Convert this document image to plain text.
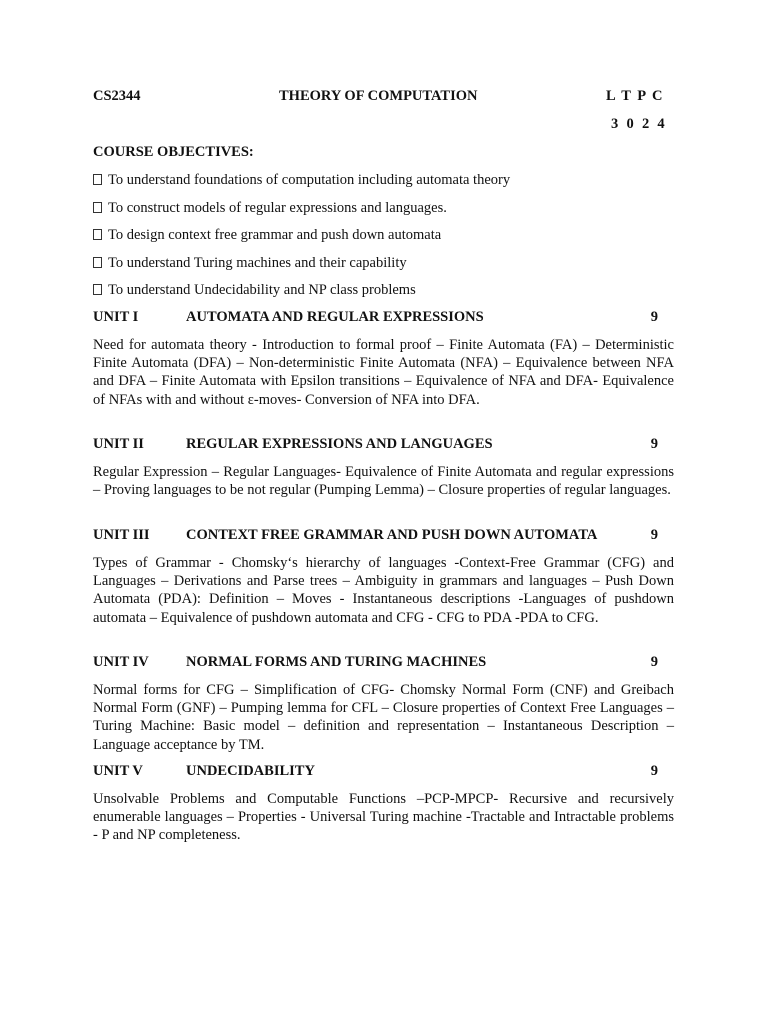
CS2344	THEORY OF COMPUTATION	L T P C
3 0 2 4
COURSE OBJECTIVES:
To understand foundations of computation including automata theory
To construct models of regular expressions and languages.
To design context free grammar and push down automata
To understand Turing machines and their capability
To understand Undecidability and NP class problems
UNIT I	AUTOMATA AND REGULAR EXPRESSIONS	9

Need for automata theory - Introduction to formal proof – Finite Automata (FA) – Deterministic Finite Automata (DFA) – Non-deterministic Finite Automata (NFA) – Equivalence between NFA and DFA – Finite Automata with Epsilon transitions – Equivalence of NFA and DFA- Equivalence of NFAs with and without ε-moves- Conversion of NFA into DFA.

UNIT II	REGULAR EXPRESSIONS AND LANGUAGES	9

Regular Expression – Regular Languages- Equivalence of Finite Automata and regular expressions – Proving languages to be not regular (Pumping Lemma) – Closure properties of regular languages.

UNIT III	CONTEXT FREE GRAMMAR AND PUSH DOWN AUTOMATA	9

Types of Grammar - Chomsky‘s hierarchy of languages -Context-Free Grammar (CFG) and Languages – Derivations and Parse trees – Ambiguity in grammars and languages – Push Down Automata (PDA): Definition – Moves - Instantaneous descriptions -Languages of pushdown automata – Equivalence of pushdown automata and CFG - CFG to PDA -PDA to CFG.

UNIT IV	NORMAL FORMS AND TURING MACHINES	9

Normal forms for CFG – Simplification of CFG- Chomsky Normal Form (CNF) and Greibach Normal Form (GNF) – Pumping lemma for CFL – Closure properties of Context Free Languages –Turing Machine: Basic model – definition and representation – Instantaneous Description – Language acceptance by TM.

UNIT V	UNDECIDABILITY	9

Unsolvable Problems and Computable Functions –PCP-MPCP- Recursive and recursively enumerable languages – Properties - Universal Turing machine -Tractable and Intractable problems - P and NP completeness.
